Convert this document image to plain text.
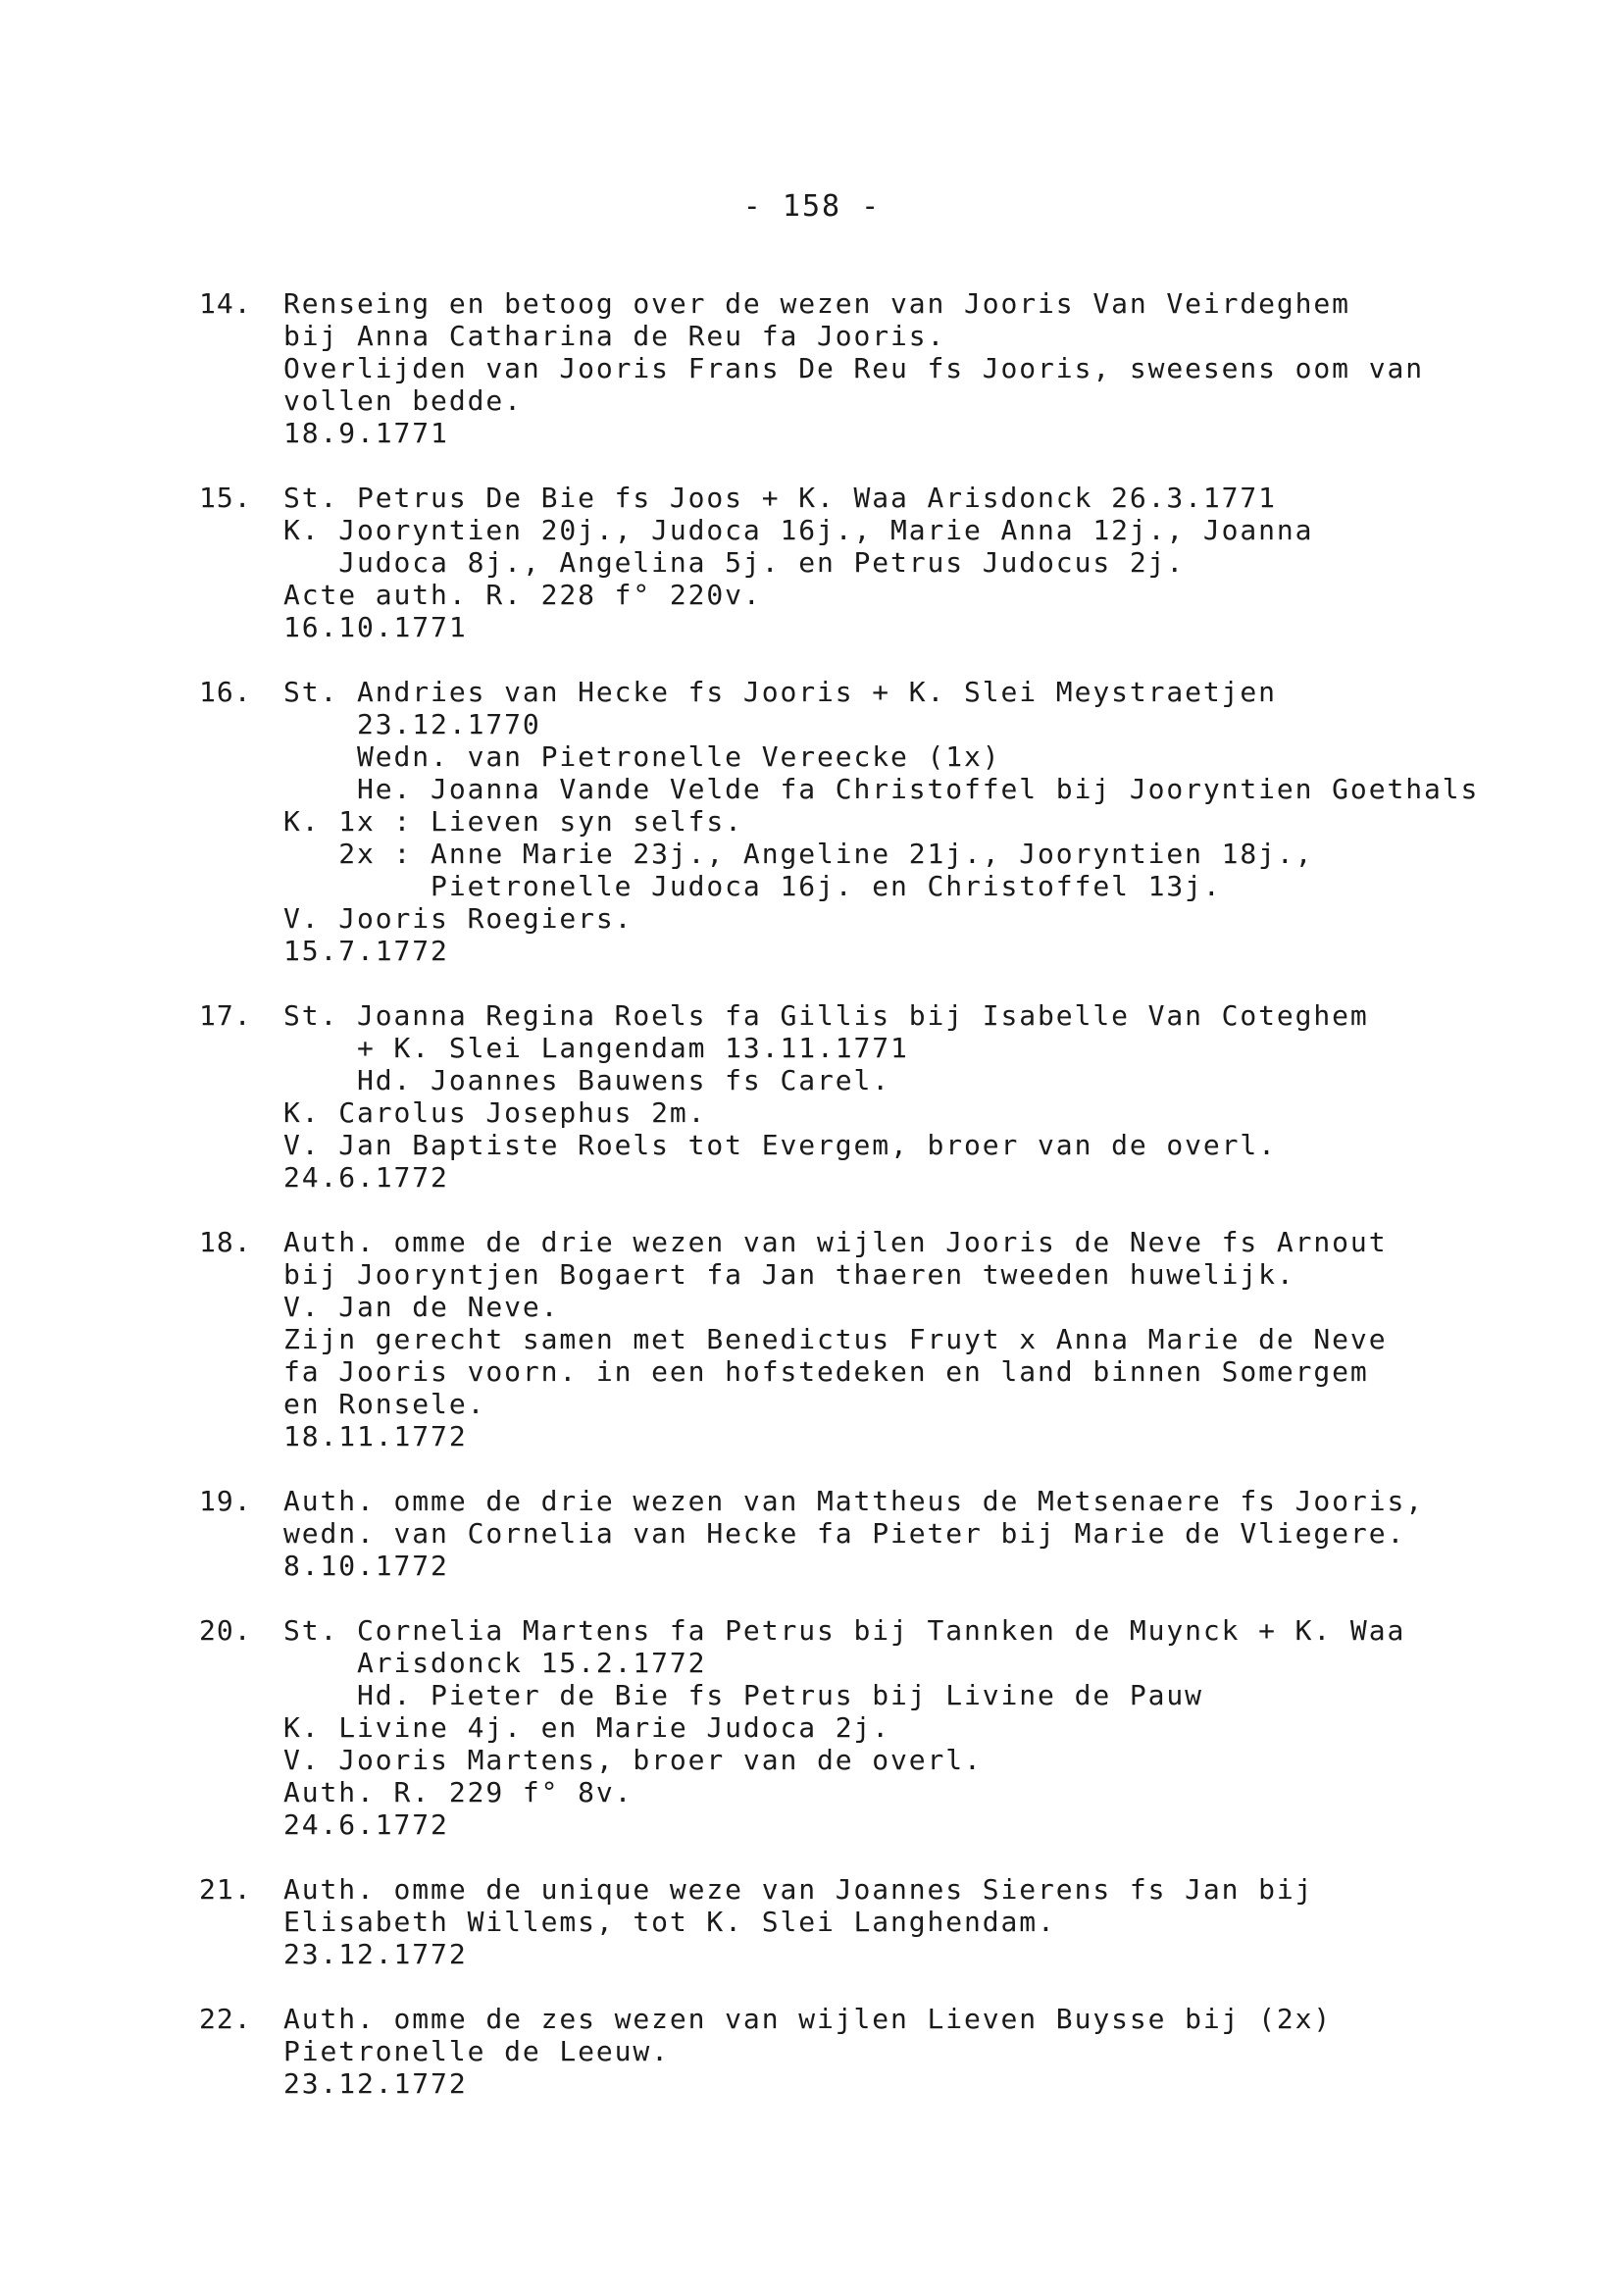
- 158 -
14. Renseing en betoog over de wezen van Jooris Van Veirdeghem
bij Anna Catharina de Reu fa Jooris.
Overlijden van Jooris Frans De Reu fs Jooris, sweesens oom van
vollen bedde.
18.9.1771
15. St. Petrus De Bie fs Joos + K. Waa Arisdonck 26.3.1771
K. Jooryntien 20j., Judoca 16j., Marie Anna 12j., Joanna
Judoca 8j., Angelina 5j. en Petrus Judocus 2j.
Acte auth. R. 228 f° 220v.
16.10.1771
16. St. Andries van Hecke fs Jooris + K. Slei Meystraetjen
23.12.1770
Wedn. van Pietronelle Vereecke (1x)
He. Joanna Vande Velde fa Christoffel bij Jooryntien Goethals
K. 1x : Lieven syn selfs.
2x : Anne Marie 23j., Angeline 21j., Jooryntien 18j.,
Pietronelle Judoca 16j. en Christoffel 13j.
V. Jooris Roegiers.
15.7.1772
17. St. Joanna Regina Roels fa Gillis bij Isabelle Van Coteghem
+ K. Slei Langendam 13.11.1771
Hd. Joannes Bauwens fs Carel.
K. Carolus Josephus 2m.
V. Jan Baptiste Roels tot Evergem, broer van de overl.
24.6.1772
18. Auth. omme de drie wezen van wijlen Jooris de Neve fs Arnout
bij Jooryntjen Bogaert fa Jan thaeren tweeden huwelijk.
V. Jan de Neve.
Zijn gerecht samen met Benedictus Fruyt x Anna Marie de Neve
fa Jooris voorn. in een hofstedeken en land binnen Somergem
en Ronsele.
18.11.1772
19. Auth. omme de drie wezen van Mattheus de Metsenaere fs Jooris,
wedn. van Cornelia van Hecke fa Pieter bij Marie de Vliegere.
8.10.1772
20. St. Cornelia Martens fa Petrus bij Tannken de Muynck + K. Waa
Arisdonck 15.2.1772
Hd. Pieter de Bie fs Petrus bij Livine de Pauw
K. Livine 4j. en Marie Judoca 2j.
V. Jooris Martens, broer van de overl.
Auth. R. 229 f° 8v.
24.6.1772
21. Auth. omme de unique weze van Joannes Sierens fs Jan bij
Elisabeth Willems, tot K. Slei Langhendam.
23.12.1772
22. Auth. omme de zes wezen van wijlen Lieven Buysse bij (2x)
Pietronelle de Leeuw.
23.12.1772
